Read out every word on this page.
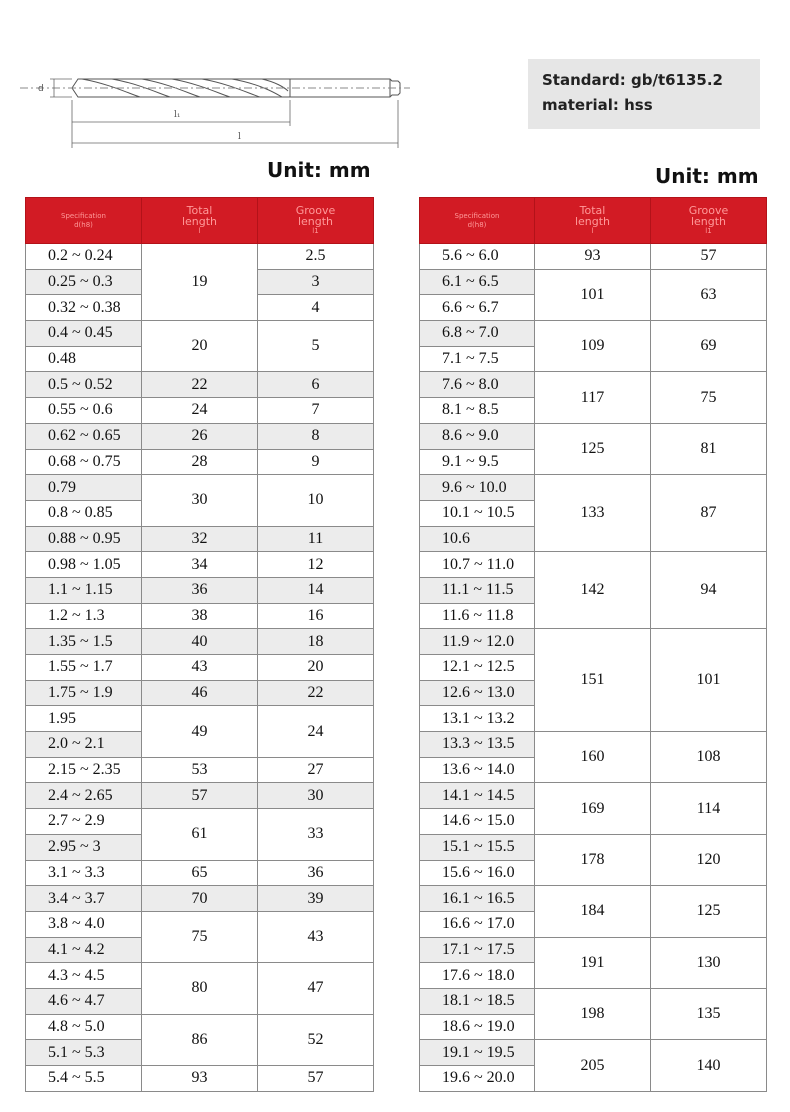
d
l₁
l
Standard: gb/t6135.2
material: hss
Unit: mm	Unit: mm
Specification
d(h8)	Total
length
l	Groove
length
l1

0.2 ~ 0.24	19	2.5
0.25 ~ 0.3		3
0.32 ~ 0.38		4
0.4 ~ 0.45	20	5
0.48		
0.5 ~ 0.52	22	6
0.55 ~ 0.6	24	7
0.62 ~ 0.65	26	8
0.68 ~ 0.75	28	9
0.79	30	10
0.8 ~ 0.85		
0.88 ~ 0.95	32	11
0.98 ~ 1.05	34	12
1.1 ~ 1.15	36	14
1.2 ~ 1.3	38	16
1.35 ~ 1.5	40	18
1.55 ~ 1.7	43	20
1.75 ~ 1.9	46	22
1.95	49	24
2.0 ~ 2.1		
2.15 ~ 2.35	53	27
2.4 ~ 2.65	57	30
2.7 ~ 2.9	61	33
2.95 ~ 3		
3.1 ~ 3.3	65	36
3.4 ~ 3.7	70	39
3.8 ~ 4.0	75	43
4.1 ~ 4.2		
4.3 ~ 4.5	80	47
4.6 ~ 4.7		
4.8 ~ 5.0	86	52
5.1 ~ 5.3		
5.4 ~ 5.5	93	57
Specification
d(h8)	Total
length
l	Groove
length
l1

5.6 ~ 6.0	93	57
6.1 ~ 6.5	101	63
6.6 ~ 6.7		
6.8 ~ 7.0	109	69
7.1 ~ 7.5		
7.6 ~ 8.0	117	75
8.1 ~ 8.5		
8.6 ~ 9.0	125	81
9.1 ~ 9.5		
9.6 ~ 10.0	133	87
10.1 ~ 10.5		
10.6		
10.7 ~ 11.0	142	94
11.1 ~ 11.5		
11.6 ~ 11.8		
11.9 ~ 12.0	151	101
12.1 ~ 12.5		
12.6 ~ 13.0		
13.1 ~ 13.2		
13.3 ~ 13.5	160	108
13.6 ~ 14.0		
14.1 ~ 14.5	169	114
14.6 ~ 15.0		
15.1 ~ 15.5	178	120
15.6 ~ 16.0		
16.1 ~ 16.5	184	125
16.6 ~ 17.0		
17.1 ~ 17.5	191	130
17.6 ~ 18.0		
18.1 ~ 18.5	198	135
18.6 ~ 19.0		
19.1 ~ 19.5	205	140
19.6 ~ 20.0		
